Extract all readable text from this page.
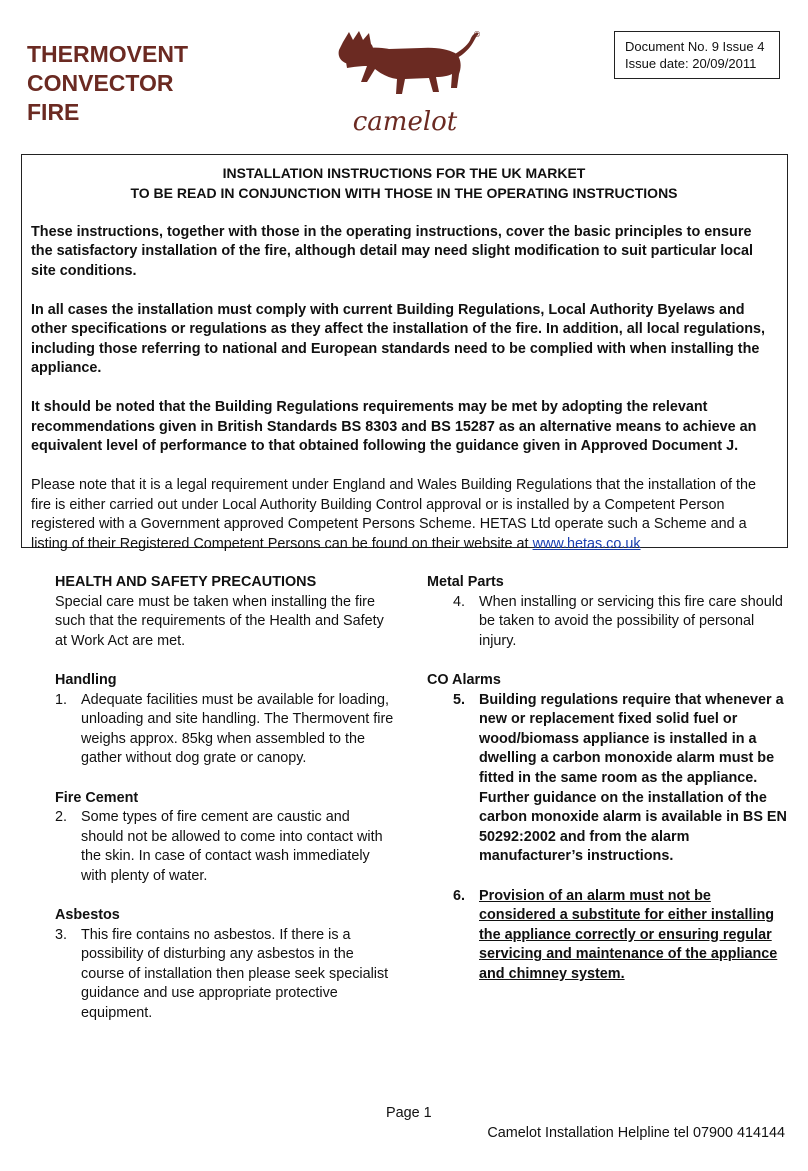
THERMOVENT
CONVECTOR
FIRE	camelot
®
Document No. 9 Issue 4
Issue date: 20/09/2011
INSTALLATION INSTRUCTIONS FOR THE UK MARKET
TO BE READ IN CONJUNCTION WITH THOSE IN THE OPERATING INSTRUCTIONS

These instructions, together with those in the operating instructions, cover the basic principles to ensure the satisfactory installation of the fire, although detail may need slight modification to suit particular local site conditions.

In all cases the installation must comply with current Building Regulations, Local Authority Byelaws and other specifications or regulations as they affect the installation of the fire. In addition, all local regulations, including those referring to national and European standards need to be complied with when installing the appliance.

It should be noted that the Building Regulations requirements may be met by adopting the relevant recommendations given in British Standards BS 8303 and BS 15287 as an alternative means to achieve an equivalent level of performance to that obtained following the guidance given in Approved Document J.

Please note that it is a legal requirement under England and Wales Building Regulations that the installation of the fire is either carried out under Local Authority Building Control approval or is installed by a Competent Person registered with a Government approved Competent Persons Scheme. HETAS Ltd operate such a Scheme and a listing of their Registered Competent Persons can be found on their website at www.hetas.co.uk

HEALTH AND SAFETY PRECAUTIONS

Special care must be taken when installing the fire such that the requirements of the Health and Safety at Work Act are met.

Handling
1. Adequate facilities must be available for loading, unloading and site handling. The Thermovent fire weighs approx. 85kg when assembled to the gather without dog grate or canopy.
Fire Cement
2. Some types of fire cement are caustic and should not be allowed to come into contact with the skin. In case of contact wash immediately with plenty of water.
Asbestos
3. This fire contains no asbestos. If there is a possibility of disturbing any asbestos in the course of installation then please seek specialist guidance and use appropriate protective equipment.
Metal Parts
4. When installing or servicing this fire care should be taken to avoid the possibility of personal injury.
CO Alarms
5. Building regulations require that whenever a new or replacement fixed solid fuel or wood/biomass appliance is installed in a dwelling a carbon monoxide alarm must be fitted in the same room as the appliance. Further guidance on the installation of the carbon monoxide alarm is available in BS EN 50292:2002 and from the alarm manufacturer’s instructions.
6. Provision of an alarm must not be considered a substitute for either installing the appliance correctly or ensuring regular servicing and maintenance of the appliance and chimney system.
Page 1
Camelot Installation Helpline tel 07900 414144
